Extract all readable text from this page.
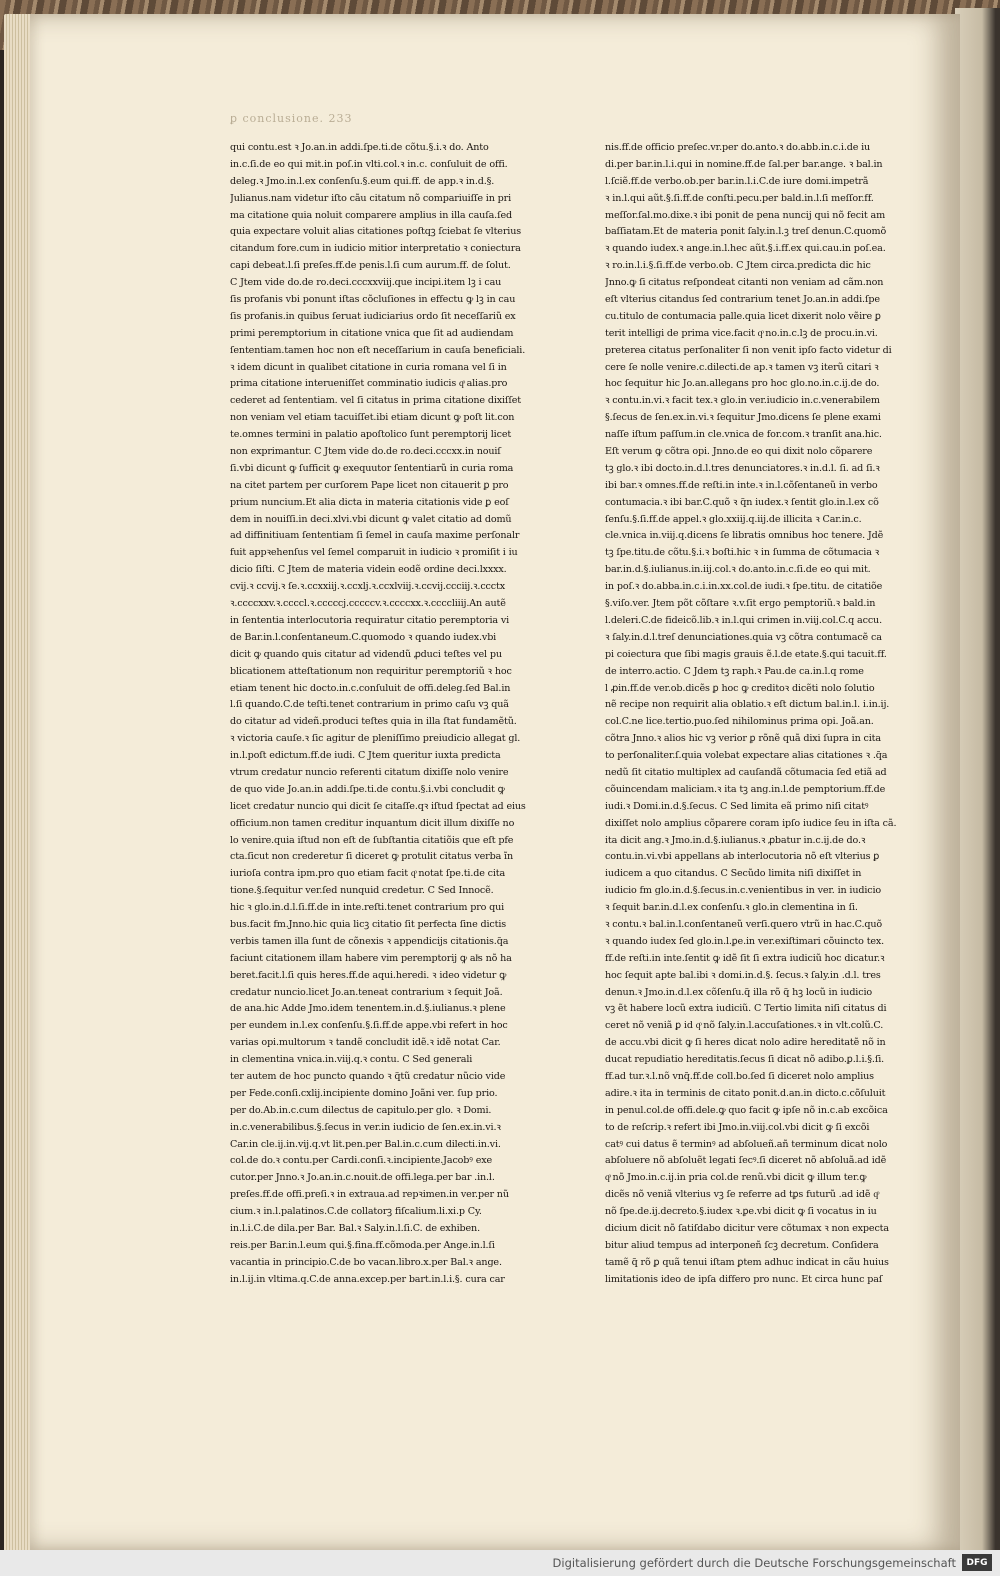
ꝑ conclusione. 233
qui contu.est ꝛ Jo.an.in addi.ſpe.ti.de cõtu.§.i.ꝛ do. Anto
in.c.ſi.de eo qui mit.in poſ.in vlti.col.ꝛ in.c. conſuluit de offi.
deleg.ꝛ Jmo.in.l.ex conſenſu.§.eum qui.ff. de app.ꝛ in.d.§.
Julianus.nam videtur iſto cãu citatum nõ compariuiſſe in pri
ma citatione quia noluit comparere amplius in illa cauſa.ſed
quia expectare voluit alias citationes poſtqꝫ ſciebat ſe vlterius
citandum fore.cum in iudicio mitior interpretatio ꝛ coniectura
capi debeat.l.ſi preſes.ff.de penis.l.ſi cum aurum.ff. de ſolut.
C Jtem vide do.de ro.deci.cccxxviij.que incipi.item lꝫ i cau
ſis profanis vbi ponunt iſtas cõcluſiones in effectu ꝙ lꝫ in cau
ſis profanis.in quibus ſeruat iudiciarius ordo ſit neceſſariũ ex
primi peremptorium in citatione vnica que ſit ad audiendam
ſententiam.tamen hoc non eſt neceſſarium in cauſa beneficiali.
ꝛ idem dicunt in qualibet citatione in curia romana vel ſi in
prima citatione interueniſſet comminatio iudicis qͦ alias.pro
cederet ad ſententiam. vel ſi citatus in prima citatione dixiſſet
non veniam vel etiam tacuiſſet.ibi etiam dicunt ꝙ poſt lit.con
te.omnes termini in palatio apoſtolico ſunt peremptorij licet
non exprimantur. C Jtem vide do.de ro.deci.cccxx.in nouiſ
ſi.vbi dicunt ꝙ ſufficit ꝙ exequutor ſententiarũ in curia roma
na citet partem per curſorem Pape licet non citauerit ꝑ pro
prium nuncium.Et alia dicta in materia citationis vide ꝑ eoſ
dem in nouiſſi.in deci.xlvi.vbi dicunt ꝙ valet citatio ad domũ
ad diffinitiuam ſententiam ſi ſemel in cauſa maxime perſonalr
fuit appꝛehenſus vel ſemel comparuit in iudicio ꝛ promiſit i iu
dicio ſiſti. C Jtem de materia videin eodẽ ordine deci.lxxxx.
cvij.ꝛ ccvij.ꝛ ſe.ꝛ.ccxxiij.ꝛ.ccxlj.ꝛ.ccxlviij.ꝛ.ccvij.ccciij.ꝛ.ccctx
ꝛ.ccccxxv.ꝛ.ccccl.ꝛ.cccccj.cccccv.ꝛ.ccccxx.ꝛ.ccccliiij.An autẽ
in ſententia interlocutoria requiratur citatio peremptoria vi
de Bar.in.l.conſentaneum.C.quomodo ꝛ quando iudex.vbi
dicit ꝙ quando quis citatur ad videndũ ꝓduci teſtes vel pu
blicationem atteſtationum non requiritur peremptoriũ ꝛ hoc
etiam tenent hic docto.in.c.conſuluit de offi.deleg.ſed Bal.in
l.ſi quando.C.de teſti.tenet contrarium in primo caſu vꝫ quã
do citatur ad videñ.produci teſtes quia in illa ſtat fundamẽtũ.
ꝛ victoria cauſe.ꝛ ſic agitur de pleniſſimo preiudicio allegat gl.
in.l.poſt edictum.ff.de iudi. C Jtem queritur iuxta predicta
vtrum credatur nuncio referenti citatum dixiſſe nolo venire
de quo vide Jo.an.in addi.ſpe.ti.de contu.§.i.vbi concludit ꝙ
licet credatur nuncio qui dicit ſe citaſſe.qꝛ iſtud ſpectat ad eius
officium.non tamen creditur inquantum dicit illum dixiſſe no
lo venire.quia iſtud non eſt de ſubſtantia citatiõis que eſt pfe
cta.ſicut non crederetur ſi diceret ꝙ protulit citatus verba ĩn
iurioſa contra ipm.pro quo etiam facit qͦ notat ſpe.ti.de cita
tione.§.ſequitur ver.ſed nunquid credetur. C Sed Innocẽ.
hic ꝛ glo.in.d.l.ſi.ff.de in inte.reſti.tenet contrarium pro qui
bus.facit fm.Jnno.hic quia licꝫ citatio ſit perfecta ſine dictis
verbis tamen illa ſunt de cõnexis ꝛ appendicijs citationis.q̃a
faciunt citationem illam habere vim peremptorij ꝙ alͥs nõ ha
beret.facit.l.ſi quis heres.ff.de aqui.heredi. ꝛ ideo videtur ꝙ
credatur nuncio.licet Jo.an.teneat contrarium ꝛ ſequit Joã.
de ana.hic Adde Jmo.idem tenentem.in.d.§.iulianus.ꝛ plene
per eundem in.l.ex conſenſu.§.ſi.ff.de appe.vbi refert in hoc
varias opi.multorum ꝛ tandẽ concludit idẽ.ꝛ idẽ notat Car.
in clementina vnica.in.viij.q.ꝛ contu. C Sed generali
ter autem de hoc puncto quando ꝛ q̃tũ credatur nũcio vide
per Fede.conſi.cxlij.incipiente domino Joãni ver. ſup prio.
per do.Ab.in.c.cum dilectus de capitulo.per glo. ꝛ Domi.
in.c.venerabilibus.§.ſecus in ver.in iudicio de ſen.ex.in.vi.ꝛ
Car.in cle.ij.in.vij.q.vt lit.pen.per Bal.in.c.cum dilecti.in.vi.
col.de do.ꝛ contu.per Cardi.conſi.ꝛ.incipiente.Jacobꝰ exe
cutor.per Jnno.ꝛ Jo.an.in.c.nouit.de offi.lega.per bar .in.l.
preſes.ff.de offi.preſi.ꝛ in extraua.ad repꝛimen.in ver.per nũ
cium.ꝛ in.l.palatinos.C.de collatorꝫ fiſcalium.li.xi.p Cy.
in.l.i.C.de dila.per Bar. Bal.ꝛ Saly.in.l.ſi.C. de exhiben.
reis.per Bar.in.l.eum qui.§.fina.ff.cõmoda.per Ange.in.l.ſi
vacantia in principio.C.de bo vacan.libro.x.per Bal.ꝛ ange.
in.l.ij.in vltima.q.C.de anna.excep.per bart.in.l.i.§. cura car
nis.ff.de officio preſec.vr.per do.anto.ꝛ do.abb.in.c.i.de iu
di.per bar.in.l.i.qui in nomine.ff.de ſal.per bar.ange. ꝛ bal.in
l.ſciẽ.ff.de verbo.ob.per bar.in.l.i.C.de iure domi.impetrã
ꝛ in.l.qui aũt.§.ſi.ff.de conſti.pecu.per bald.in.l.ſi meſſor.ff.
meſſor.ſal.mo.dixe.ꝛ ibi ponit de pena nuncij qui nõ fecit am
baſſiatam.Et de materia ponit ſaly.in.l.ꝫ treſ denun.C.quomõ
ꝛ quando iudex.ꝛ ange.in.l.hec aũt.§.i.ff.ex qui.cau.in poſ.ea.
ꝛ ro.in.l.i.§.ſi.ff.de verbo.ob. C Jtem circa.predicta dic hic
Jnno.ꝙ ſi citatus reſpondeat citanti non veniam ad cãm.non
eſt vlterius citandus ſed contrarium tenet Jo.an.in addi.ſpe
cu.titulo de contumacia palle.quia licet dixerit nolo vẽire ꝑ
terit intelligi de prima vice.facit qͦ no.in.c.lꝫ de procu.in.vi.
preterea citatus perſonaliter ſi non venit ipſo facto videtur di
cere ſe nolle venire.c.dilecti.de ap.ꝛ tamen vꝫ iterũ citari ꝛ
hoc ſequitur hic Jo.an.allegans pro hoc glo.no.in.c.ij.de do.
ꝛ contu.in.vi.ꝛ facit tex.ꝛ glo.in ver.iudicio in.c.venerabilem
§.ſecus de ſen.ex.in.vi.ꝛ ſequitur Jmo.dicens ſe plene exami
naſſe iſtum paſſum.in cle.vnica de for.com.ꝛ tranſit ana.hic.
Eſt verum ꝙ cõtra opi. Jnno.de eo qui dixit nolo cõparere
tꝫ glo.ꝛ ibi docto.in.d.l.tres denunciatores.ꝛ in.d.l. ſi. ad ſi.ꝛ
ibi bar.ꝛ omnes.ff.de reſti.in inte.ꝛ in.l.cõſentaneũ in verbo
contumacia.ꝛ ibi bar.C.quõ ꝛ q̃n iudex.ꝛ ſentit glo.in.l.ex cõ
ſenſu.§.ſi.ff.de appel.ꝛ glo.xxiij.q.iij.de illicita ꝛ Car.in.c.
cle.vnica in.viij.q.dicens ſe libratis omnibus hoc tenere. Jdẽ
tꝫ ſpe.titu.de cõtu.§.i.ꝛ boſti.hic ꝛ in ſumma de cõtumacia ꝛ
bar.in.d.§.iulianus.in.iij.col.ꝛ do.anto.in.c.ſi.de eo qui mit.
in poſ.ꝛ do.abba.in.c.i.in.xx.col.de iudi.ꝛ ſpe.titu. de citatiõe
§.viſo.ver. Jtem põt cõſtare ꝛ.v.ſit ergo pemptoriũ.ꝛ bald.in
l.deleri.C.de fideicõ.lib.ꝛ in.l.qui crimen in.viij.col.C.q accu.
ꝛ ſaly.in.d.l.treſ denunciationes.quia vꝫ cõtra contumacẽ ca
pi coiectura que ſibi magis grauis ẽ.l.de etate.§.qui tacuit.ff.
de interro.actio. C Jdem tꝫ raph.ꝛ Pau.de ca.in.l.q rome
l ꝓin.ff.de ver.ob.dicẽs ꝑ hoc ꝙ creditoꝛ dicẽti nolo ſolutio
nẽ recipe non requirit alia oblatio.ꝛ eſt dictum bal.in.l. i.in.ij.
col.C.ne lice.tertio.puo.ſed nihilominus prima opi. Joã.an.
cõtra Jnno.ꝛ alios hic vꝫ verior ꝑ rõnẽ quã dixi ſupra in cita
to perſonaliter.ſ.quia volebat expectare alias citationes ꝛ .q̃a
nedũ ſit citatio multiplex ad cauſandã cõtumacia ſed etiã ad
cõuincendam maliciam.ꝛ ita tꝫ ang.in.l.de pemptorium.ff.de
iudi.ꝛ Domi.in.d.§.ſecus. C Sed limita eã primo niſi citatꝰ
dixiſſet nolo amplius cõparere coram ipſo iudice ſeu in iſta cã.
ita dicit ang.ꝛ Jmo.in.d.§.iulianus.ꝛ ꝓbatur in.c.ij.de do.ꝛ
contu.in.vi.vbi appellans ab interlocutoria nõ eſt vlterius ꝑ
iudicem a quo citandus. C Secũdo limita niſi dixiſſet in
iudicio fm glo.in.d.§.ſecus.in.c.venientibus in ver. in iudicio
ꝛ ſequit bar.in.d.l.ex conſenſu.ꝛ glo.in clementina in ſi.
ꝛ contu.ꝛ bal.in.l.conſentaneũ verſi.quero vtrũ in hac.C.quõ
ꝛ quando iudex ſed glo.in.l.ꝑe.in ver.exiſtimari cõuincto tex.
ff.de reſti.in inte.ſentit ꝙ idẽ ſit ſi extra iudiciũ hoc dicatur.ꝛ
hoc ſequit apte bal.ibi ꝛ domi.in.d.§. ſecus.ꝛ ſaly.in .d.l. tres
denun.ꝛ Jmo.in.d.l.ex cõſenſu.q̃ illa rõ q̃ hꝫ locũ in iudicio
vꝫ ẽt habere locũ extra iudiciũ. C Tertio limita niſi citatus di
ceret nõ veniã ꝑ id qͦ nõ ſaly.in.l.accuſationes.ꝛ in vlt.colũ.C.
de accu.vbi dicit ꝙ ſi heres dicat nolo adire hereditatẽ nõ in
ducat repudiatio hereditatis.ſecus ſi dicat nõ adibo.ꝑ.l.i.§.ſi.
ff.ad tur.ꝛ.l.nõ vnq̃.ff.de coll.bo.ſed ſi diceret nolo amplius
adire.ꝛ ita in terminis de citato ponit.d.an.in dicto.c.cõſuluit
in penul.col.de offi.dele.ꝙ quo facit ꝙ ipſe nõ in.c.ab excõica
to de reſcrip.ꝛ refert ibi Jmo.in.viij.col.vbi dicit ꝙ ſi excõi
catꝰ cui datus ẽ terminꝰ ad abſolueñ.añ terminum dicat nolo
abſoluere nõ abſoluẽt legati ſecꝰ.ſi diceret nõ abſoluã.ad idẽ
qͦ nõ Jmo.in.c.ij.in pria col.de renũ.vbi dicit ꝙ illum ter.ꝙ
dicẽs nõ veniã vlterius vꝫ ſe referre ad tꝑs futurũ .ad idẽ qͦ
nõ ſpe.de.ij.decreto.§.iudex ꝛ.ꝑe.vbi dicit ꝙ ſi vocatus in iu
dicium dicit nõ ſatiſdabo dicitur vere cõtumax ꝛ non expecta
bitur aliud tempus ad interponeñ ſcꝫ decretum. Conſidera
tamẽ q̃ rõ ꝑ quã tenui iſtam ꝑtem adhuc indicat in cãu huius
limitationis ideo de ipſa differo pro nunc. Et circa hunc paſ
Digitalisierung gefördert durch die Deutsche Forschungsgemeinschaft	DFG
